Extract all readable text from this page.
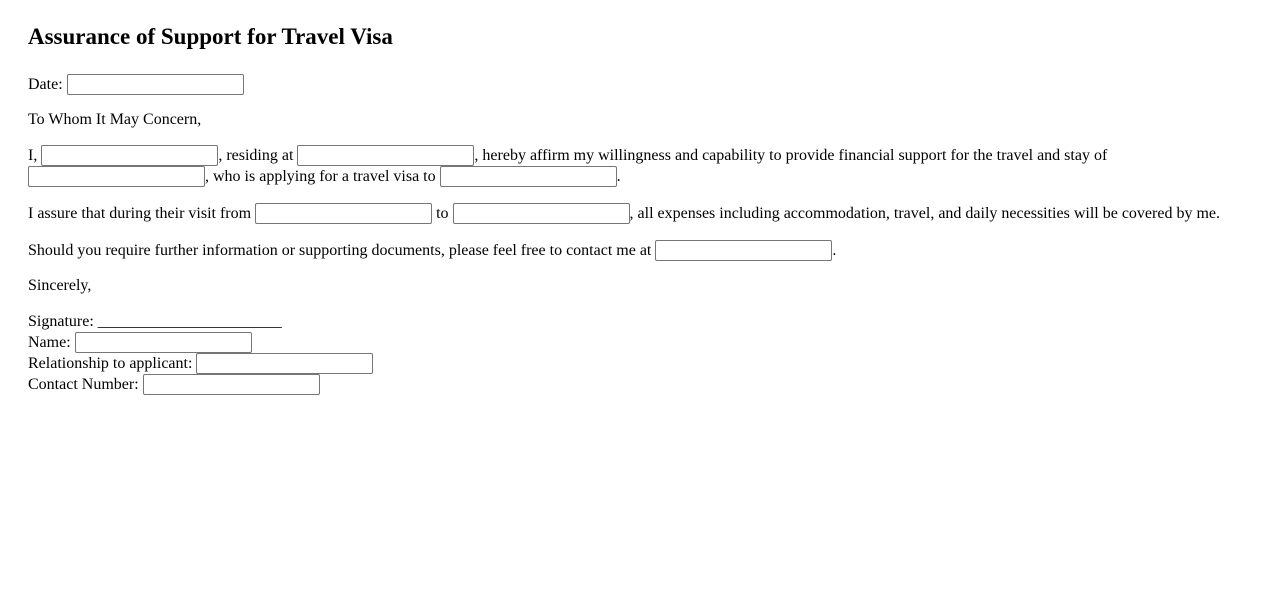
Assurance of Support for Travel Visa

Date:

To Whom It May Concern,

I,	, residing at	, hereby affirm my willingness and capability to provide financial support for the travel and stay of , who is applying for a travel visa to	.

I assure that during their visit from	to	, all expenses including accommodation, travel, and daily necessities will be covered by me.

Should you require further information or supporting documents, please feel free to contact me at	.

Sincerely,

Signature: _______________________
Name:
Relationship to applicant:
Contact Number:
